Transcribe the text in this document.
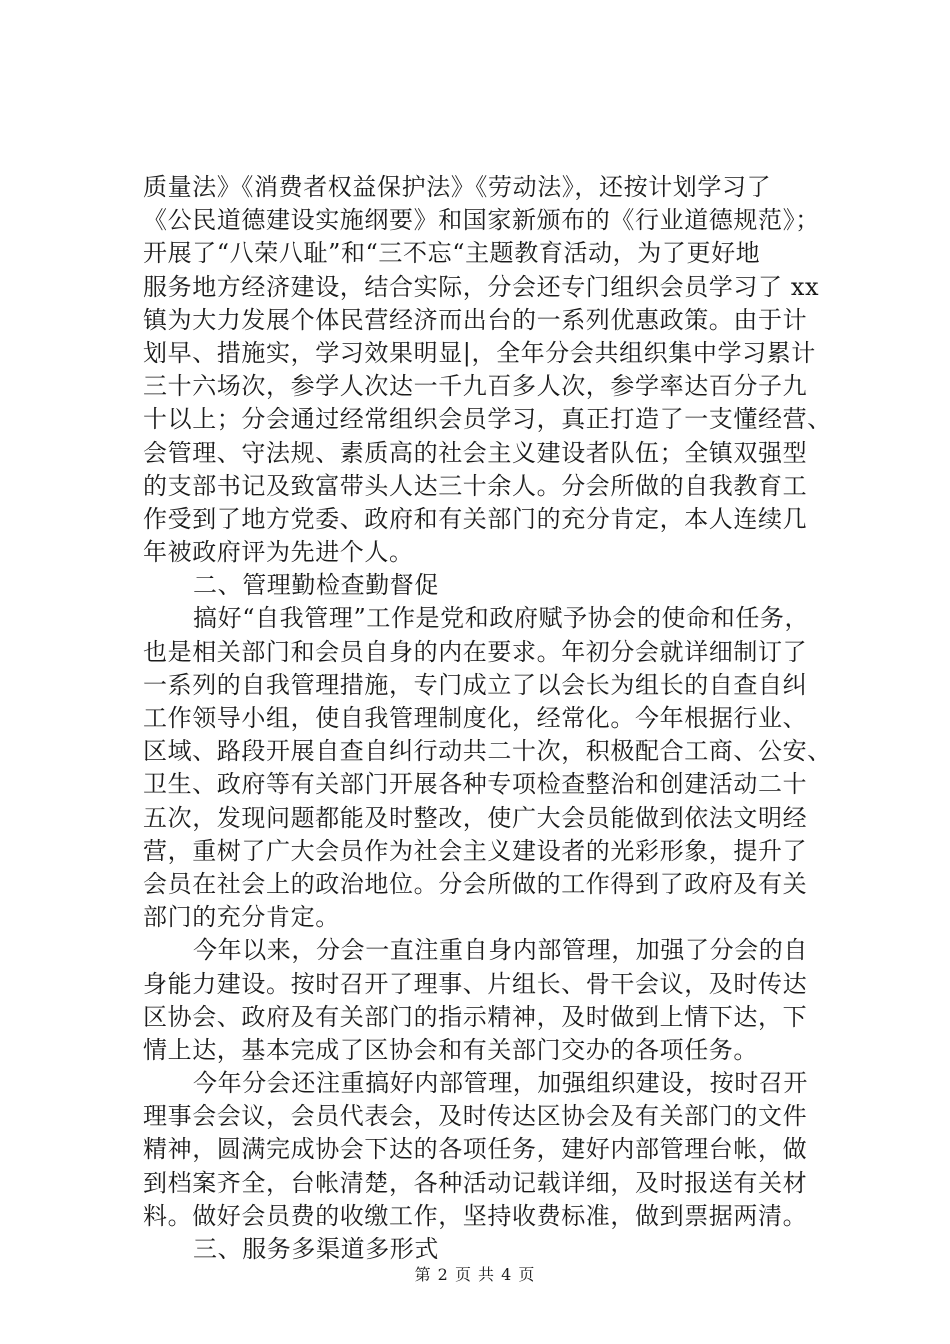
质量法》《消费者权益保护法》《劳动法》，还按计划学习了
《公民道德建设实施纲要》和国家新颁布的《行业道德规范》；
开展了“八荣八耻”和“三不忘“主题教育活动，为了更好地
服务地方经济建设，结合实际，分会还专门组织会员学习了 xx
镇为大力发展个体民营经济而出台的一系列优惠政策。由于计
划早、措施实，学习效果明显|，全年分会共组织集中学习累计
三十六场次，参学人次达一千九百多人次，参学率达百分子九
十以上；分会通过经常组织会员学习，真正打造了一支懂经营、
会管理、守法规、素质高的社会主义建设者队伍；全镇双强型
的支部书记及致富带头人达三十余人。分会所做的自我教育工
作受到了地方党委、政府和有关部门的充分肯定，本人连续几
年被政府评为先进个人。
二、管理勤检查勤督促
搞好“自我管理”工作是党和政府赋予协会的使命和任务，
也是相关部门和会员自身的内在要求。年初分会就详细制订了
一系列的自我管理措施，专门成立了以会长为组长的自查自纠
工作领导小组，使自我管理制度化，经常化。今年根据行业、
区域、路段开展自查自纠行动共二十次，积极配合工商、公安、
卫生、政府等有关部门开展各种专项检查整治和创建活动二十
五次，发现问题都能及时整改，使广大会员能做到依法文明经
营，重树了广大会员作为社会主义建设者的光彩形象，提升了
会员在社会上的政治地位。分会所做的工作得到了政府及有关
部门的充分肯定。
今年以来，分会一直注重自身内部管理，加强了分会的自
身能力建设。按时召开了理事、片组长、骨干会议，及时传达
区协会、政府及有关部门的指示精神，及时做到上情下达，下
情上达，基本完成了区协会和有关部门交办的各项任务。
今年分会还注重搞好内部管理，加强组织建设，按时召开
理事会会议，会员代表会，及时传达区协会及有关部门的文件
精神，圆满完成协会下达的各项任务，建好内部管理台帐，做
到档案齐全，台帐清楚，各种活动记载详细，及时报送有关材
料。做好会员费的收缴工作，坚持收费标准，做到票据两清。
三、服务多渠道多形式
第 2 页 共 4 页
